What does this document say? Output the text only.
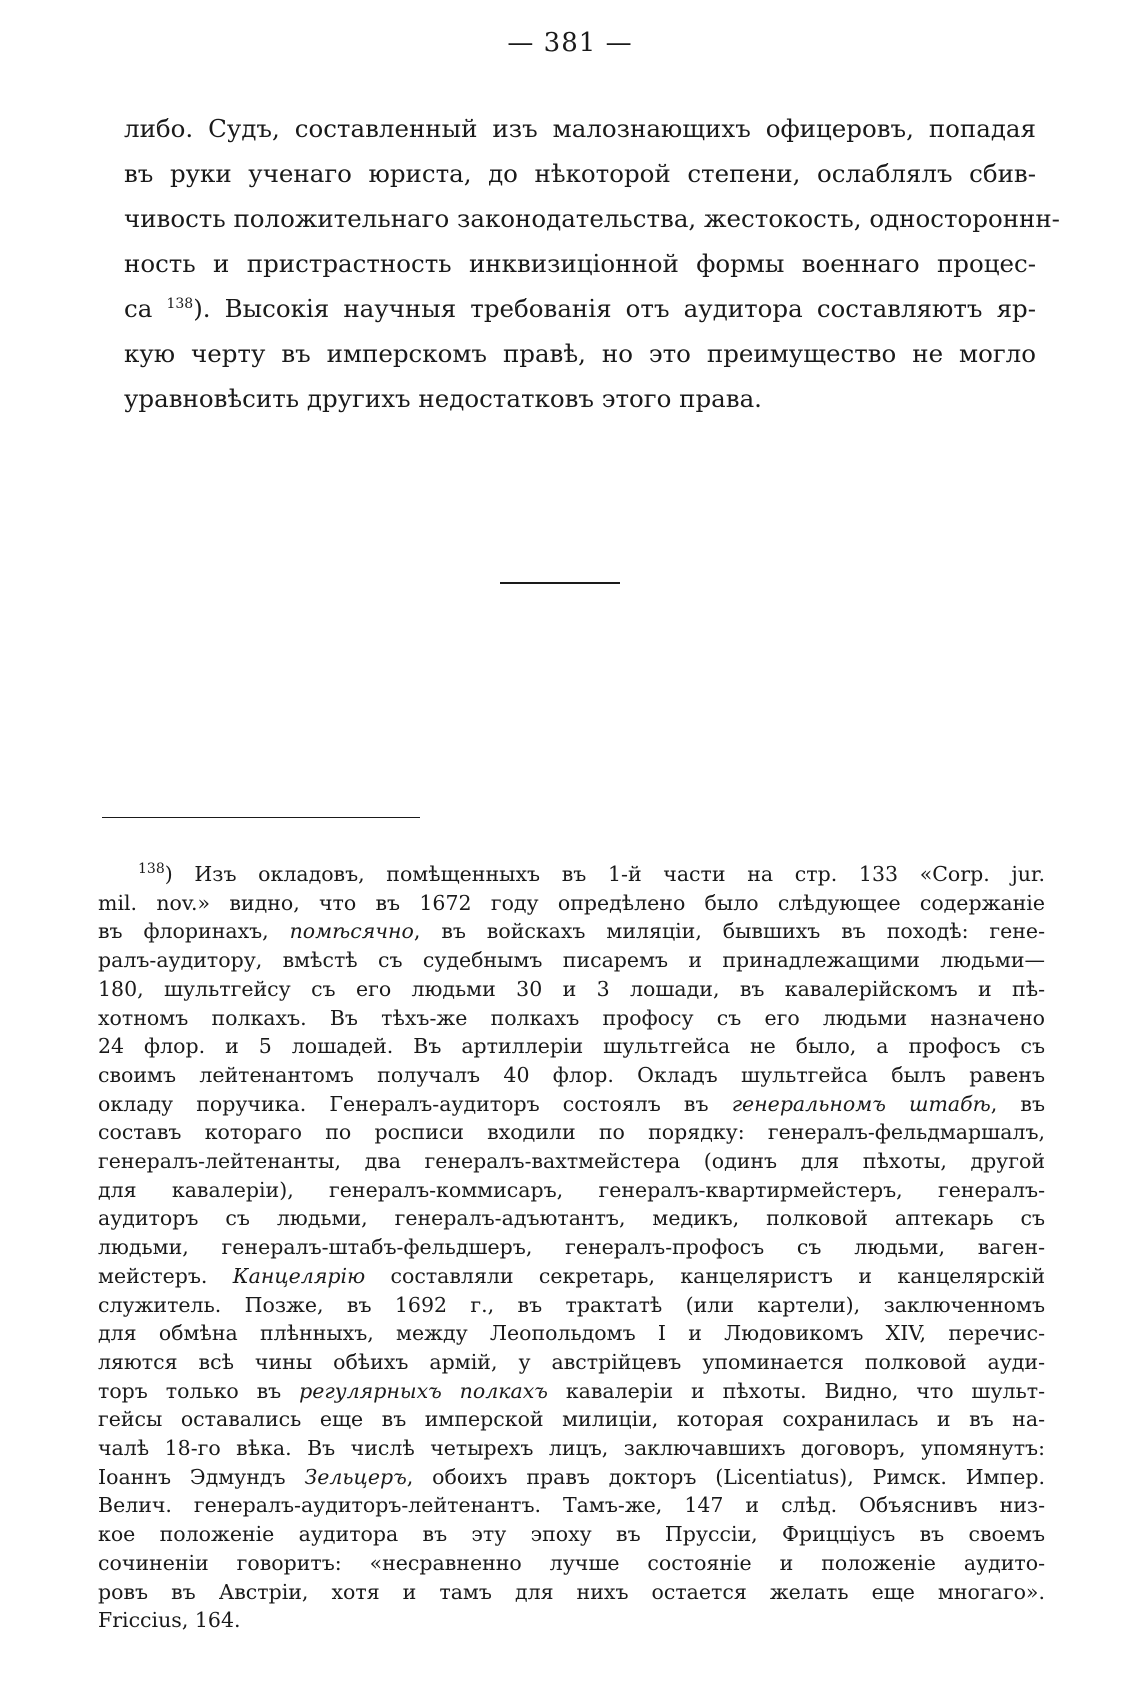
— 381 —
либо. Судъ, составленный изъ малознающихъ офицеровъ, попадая
въ руки ученаго юриста, до нѣкоторой степени, ослаблялъ сбив-
чивость положительнаго законодательства, жестокость, одностороннн-
ность и пристрастность инквизиціонной формы военнаго процес-
са $^{138}$). Высокія научныя требованія отъ аудитора составляютъ яр-
кую черту въ имперскомъ правѣ, но это преимущество не могло
уравновѣсить другихъ недостатковъ этого права.
$^{138}$) Изъ окладовъ, помѣщенныхъ въ 1-й части на стр. 133 «Corp. jur.
mil. nov.» видно, что въ 1672 году опредѣлено было слѣдующее содержаніе
въ флоринахъ, помѣсячно, въ войскахъ миляціи, бывшихъ въ походѣ: гене-
ралъ-аудитору, вмѣстѣ съ судебнымъ писаремъ и принадлежащими людьми—
180, шультгейсу съ его людьми 30 и 3 лошади, въ кавалерійскомъ и пѣ-
хотномъ полкахъ. Въ тѣхъ-же полкахъ профосу съ его людьми назначено
24 флор. и 5 лошадей. Въ артиллеріи шультгейса не было, а профосъ съ
своимъ лейтенантомъ получалъ 40 флор. Окладъ шультгейса былъ равенъ
окладу поручика. Генералъ-аудиторъ состоялъ въ генеральномъ штабѣ, въ
составъ котораго по росписи входили по порядку: генералъ-фельдмаршалъ,
генералъ-лейтенанты, два генералъ-вахтмейстера (одинъ для пѣхоты, другой
для кавалеріи), генералъ-коммисаръ, генералъ-квартирмейстеръ, генералъ-
аудиторъ съ людьми, генералъ-адъютантъ, медикъ, полковой аптекарь съ
людьми, генералъ-штабъ-фельдшеръ, генералъ-профосъ съ людьми, ваген-
мейстеръ. Канцелярію составляли секретарь, канцеляристъ и канцелярскій
служитель. Позже, въ 1692 г., въ трактатѣ (или картели), заключенномъ
для обмѣна плѣнныхъ, между Леопольдомъ I и Людовикомъ XIV, перечис-
ляются всѣ чины обѣихъ армій, у австрійцевъ упоминается полковой ауди-
торъ только въ регулярныхъ полкахъ кавалеріи и пѣхоты. Видно, что шульт-
гейсы оставались еще въ имперской милиціи, которая сохранилась и въ на-
чалѣ 18-го вѣка. Въ числѣ четырехъ лицъ, заключавшихъ договоръ, упомянутъ:
Іоаннъ Эдмундъ Зельцеръ, обоихъ правъ докторъ (Licentiatus), Римск. Импер.
Велич. генералъ-аудиторъ-лейтенантъ. Тамъ-же, 147 и слѣд. Объяснивъ низ-
кое положеніе аудитора въ эту эпоху въ Пруссіи, Фрицціусъ въ своемъ
сочиненіи говоритъ: «несравненно лучше состояніе и положеніе аудито-
ровъ въ Австріи, хотя и тамъ для нихъ остается желать еще многаго».
Friccius, 164.
